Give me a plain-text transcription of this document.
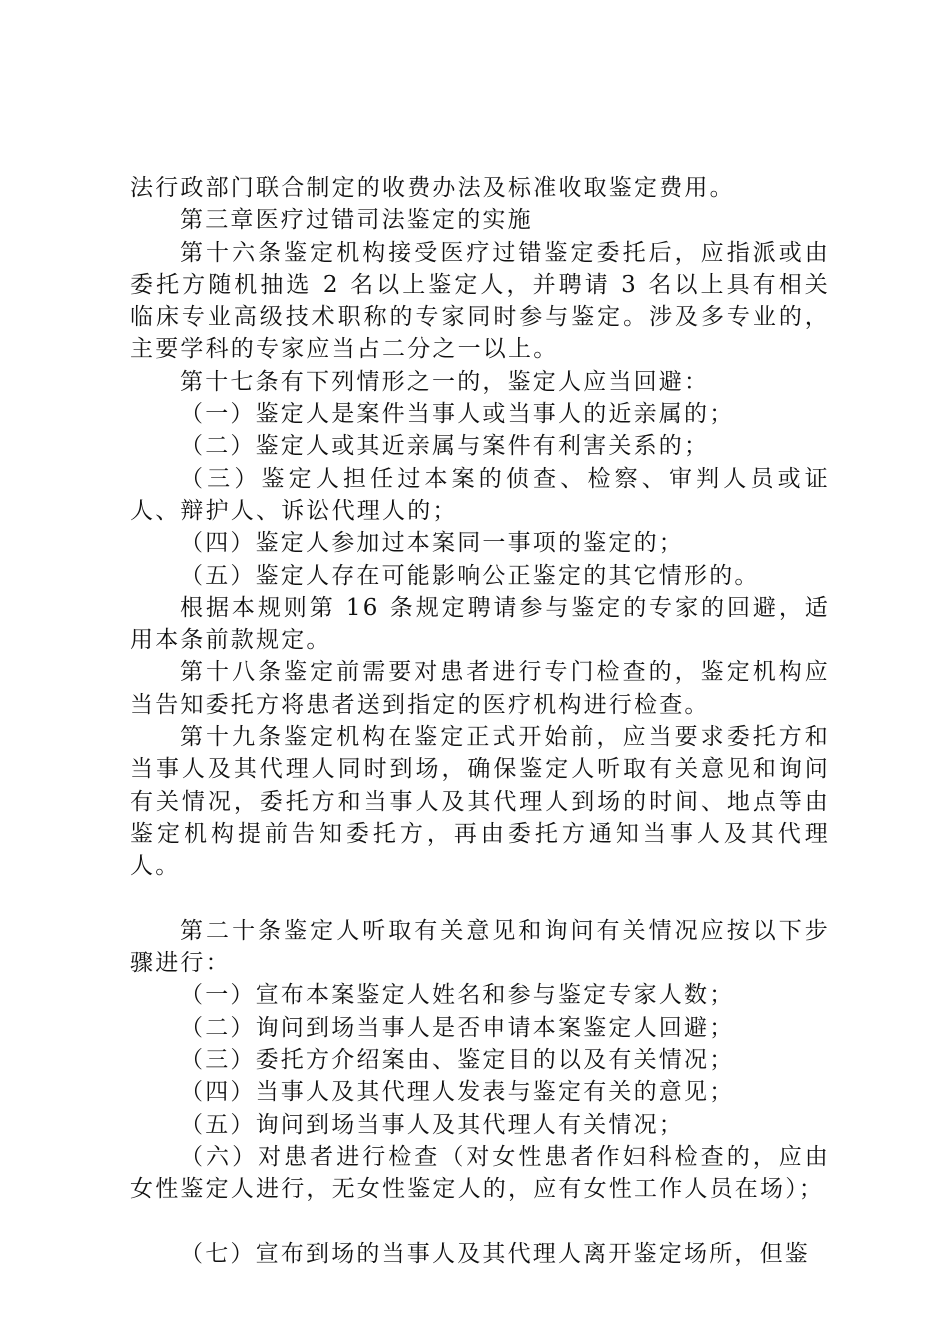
法行政部门联合制定的收费办法及标准收取鉴定费用。

第三章医疗过错司法鉴定的实施

第十六条鉴定机构接受医疗过错鉴定委托后，应指派或由委托方随机抽选 2 名以上鉴定人，并聘请 3 名以上具有相关临床专业高级技术职称的专家同时参与鉴定。涉及多专业的，主要学科的专家应当占二分之一以上。

第十七条有下列情形之一的，鉴定人应当回避：

（一）鉴定人是案件当事人或当事人的近亲属的；

（二）鉴定人或其近亲属与案件有利害关系的；

（三）鉴定人担任过本案的侦查、检察、审判人员或证人、辩护人、诉讼代理人的；

（四）鉴定人参加过本案同一事项的鉴定的；

（五）鉴定人存在可能影响公正鉴定的其它情形的。

根据本规则第 16 条规定聘请参与鉴定的专家的回避，适用本条前款规定。

第十八条鉴定前需要对患者进行专门检查的，鉴定机构应当告知委托方将患者送到指定的医疗机构进行检查。

第十九条鉴定机构在鉴定正式开始前，应当要求委托方和当事人及其代理人同时到场，确保鉴定人听取有关意见和询问有关情况，委托方和当事人及其代理人到场的时间、地点等由鉴定机构提前告知委托方，再由委托方通知当事人及其代理人。

第二十条鉴定人听取有关意见和询问有关情况应按以下步骤进行：

（一）宣布本案鉴定人姓名和参与鉴定专家人数；

（二）询问到场当事人是否申请本案鉴定人回避；

（三）委托方介绍案由、鉴定目的以及有关情况；

（四）当事人及其代理人发表与鉴定有关的意见；

（五）询问到场当事人及其代理人有关情况；

（六）对患者进行检查（对女性患者作妇科检查的，应由女性鉴定人进行，无女性鉴定人的，应有女性工作人员在场）；

（七）宣布到场的当事人及其代理人离开鉴定场所，但鉴
